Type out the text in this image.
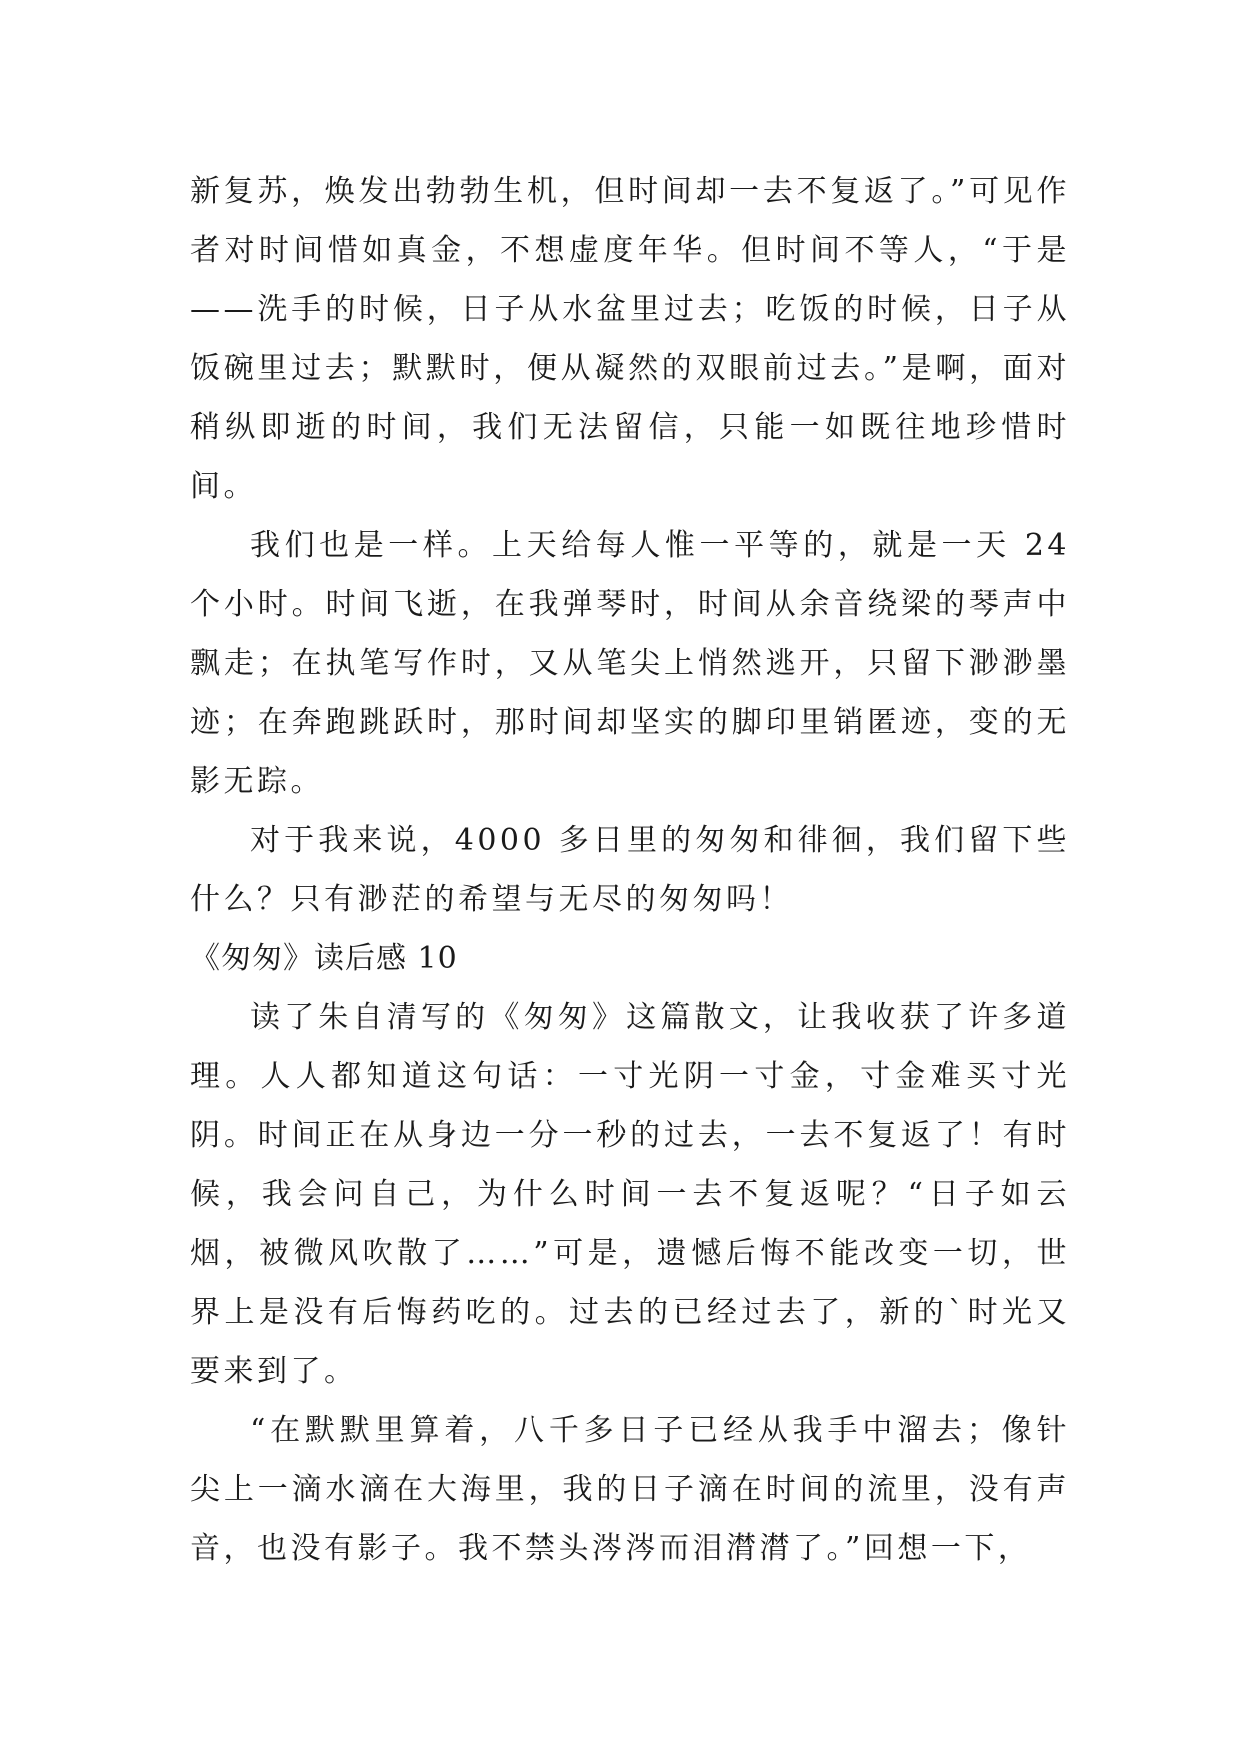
新复苏，焕发出勃勃生机，但时间却一去不复返了。”可见作者对时间惜如真金，不想虚度年华。但时间不等人，“于是——洗手的时候，日子从水盆里过去；吃饭的时候，日子从饭碗里过去；默默时，便从凝然的双眼前过去。”是啊，面对稍纵即逝的时间，我们无法留信，只能一如既往地珍惜时间。

我们也是一样。上天给每人惟一平等的，就是一天 24 个小时。时间飞逝，在我弹琴时，时间从余音绕梁的琴声中飘走；在执笔写作时，又从笔尖上悄然逃开，只留下渺渺墨迹；在奔跑跳跃时，那时间却坚实的脚印里销匿迹，变的无影无踪。

对于我来说，4000 多日里的匆匆和徘徊，我们留下些什么？只有渺茫的希望与无尽的匆匆吗！

《匆匆》读后感 10

读了朱自清写的《匆匆》这篇散文，让我收获了许多道理。人人都知道这句话：一寸光阴一寸金，寸金难买寸光阴。时间正在从身边一分一秒的过去，一去不复返了！有时候，我会问自己，为什么时间一去不复返呢？“日子如云烟，被微风吹散了……”可是，遗憾后悔不能改变一切，世界上是没有后悔药吃的。过去的已经过去了，新的`时光又要来到了。

“在默默里算着，八千多日子已经从我手中溜去；像针尖上一滴水滴在大海里，我的日子滴在时间的流里，没有声音，也没有影子。我不禁头涔涔而泪潸潸了。”回想一下，
